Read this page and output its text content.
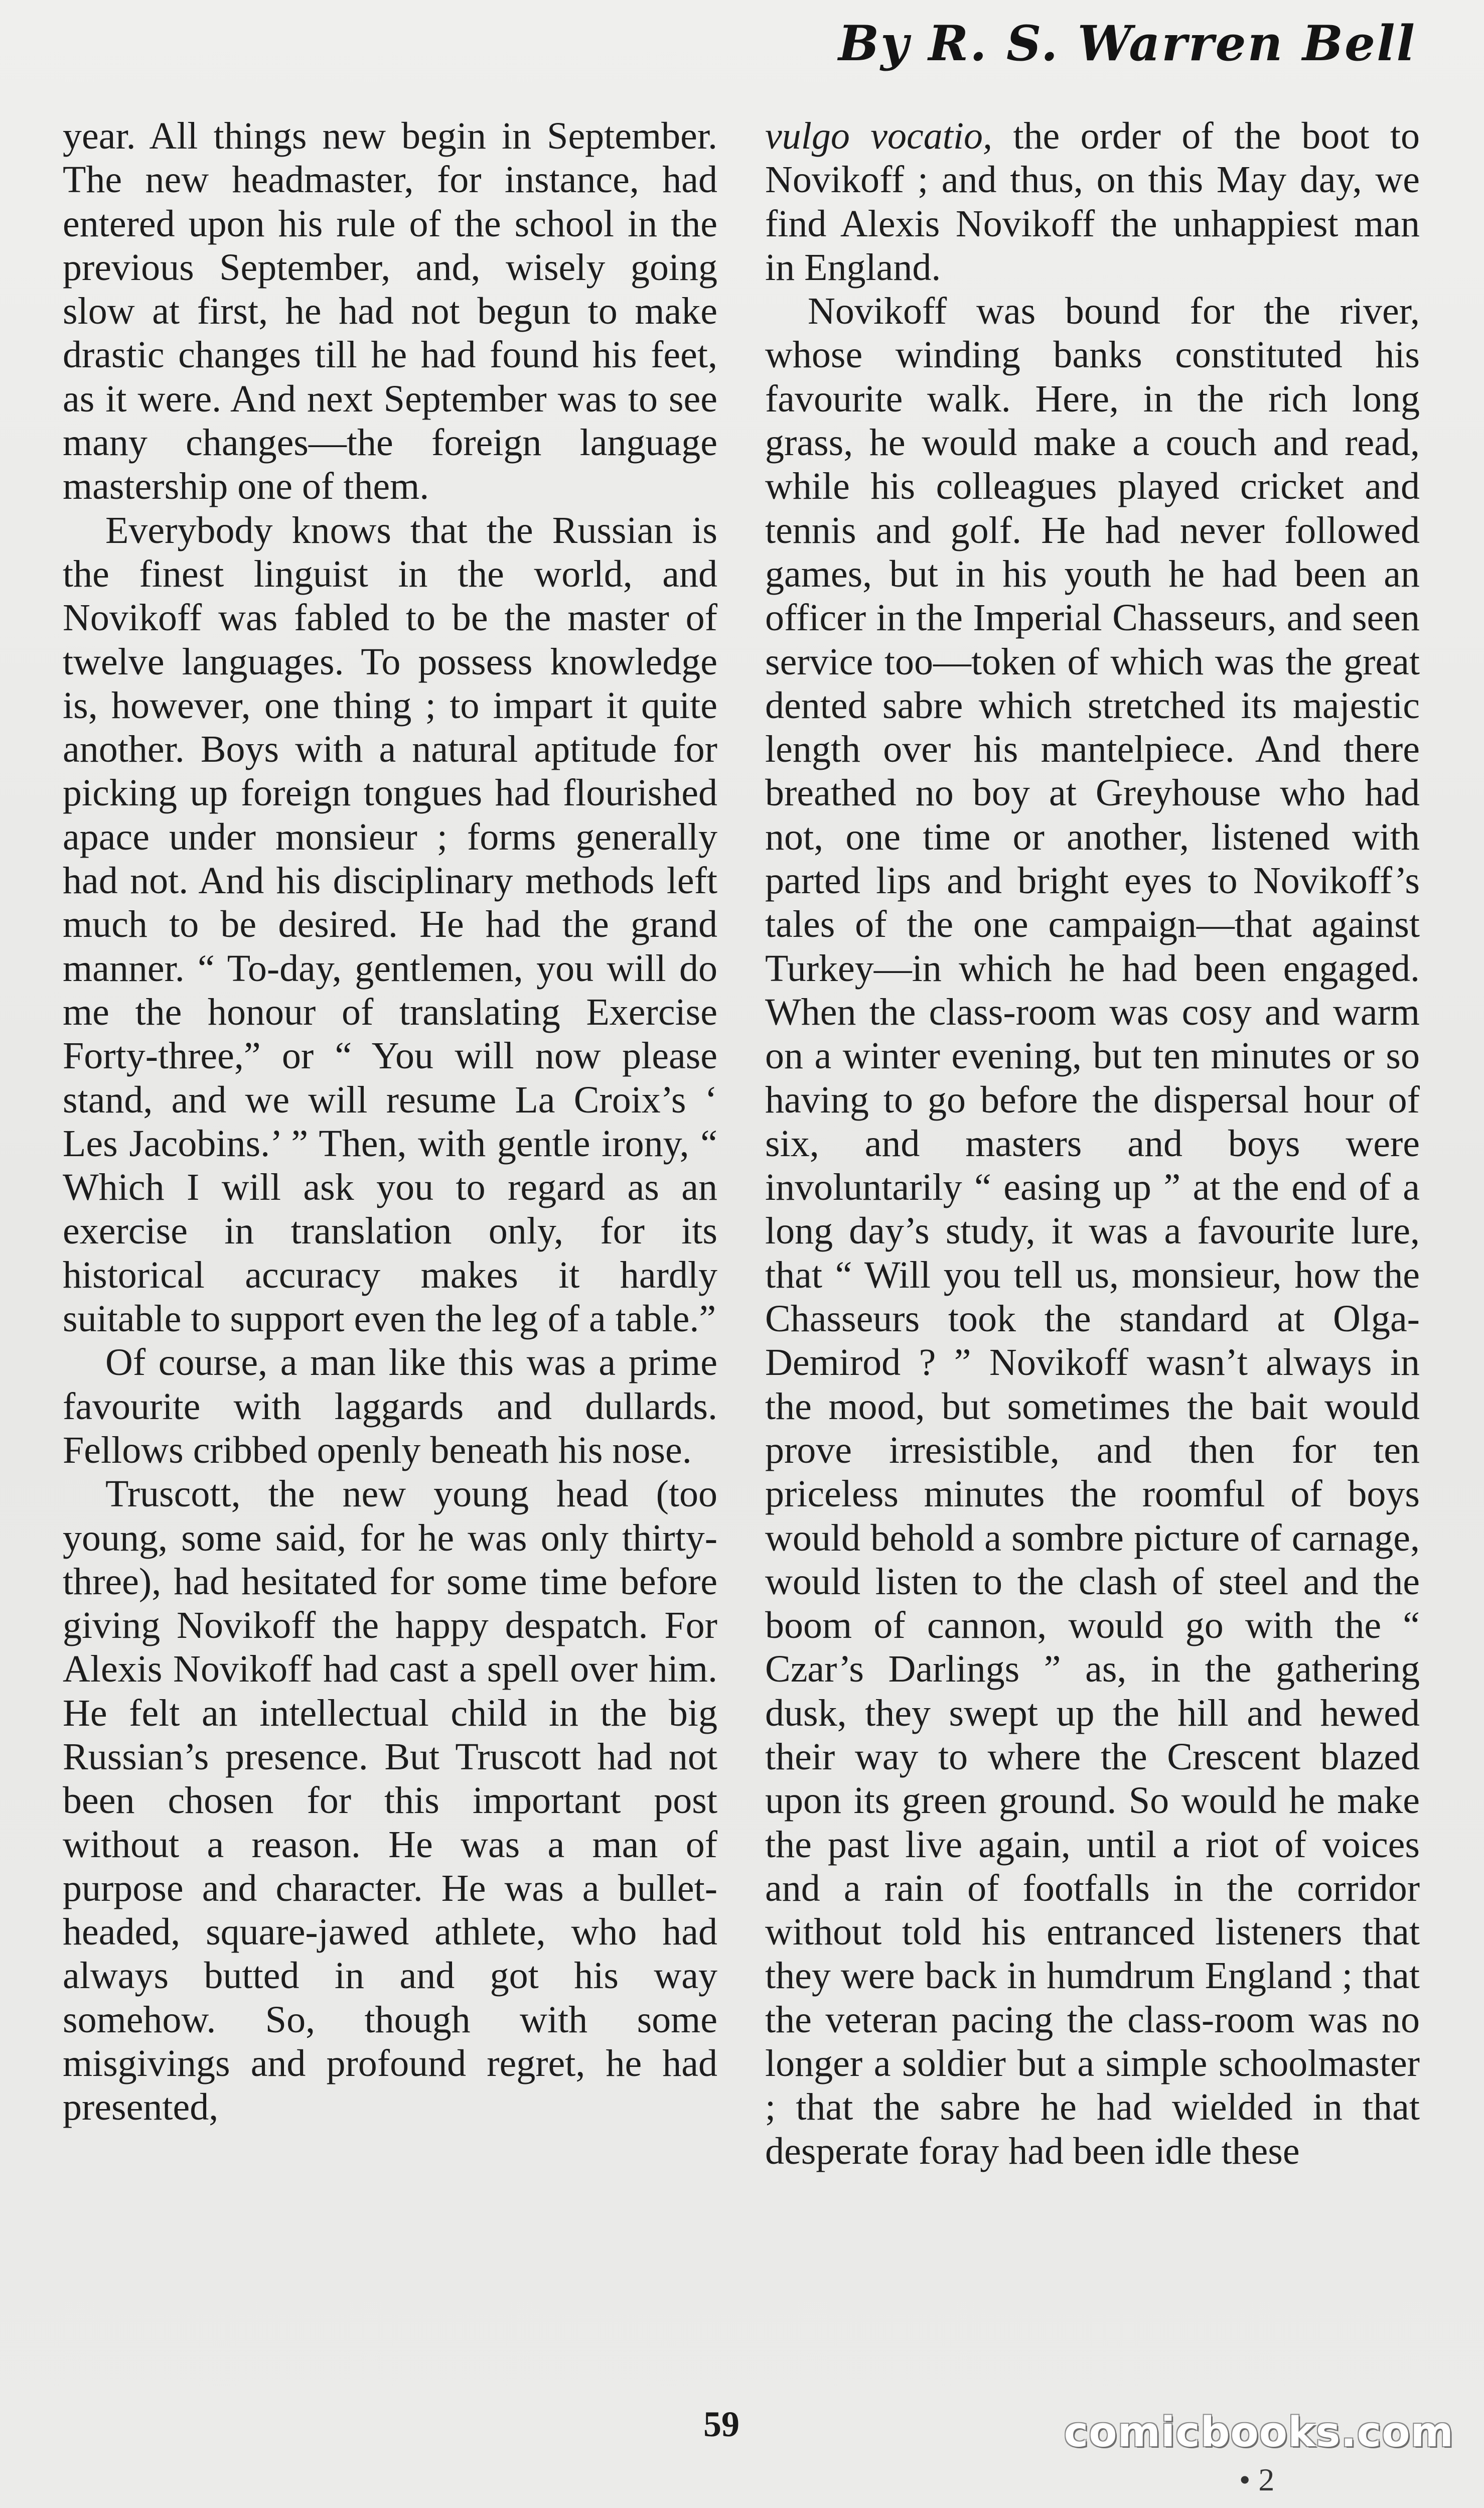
By R. S. Warren Bell

year. All things new begin in September. The new headmaster, for instance, had entered upon his rule of the school in the previous September, and, wisely going slow at first, he had not begun to make drastic changes till he had found his feet, as it were. And next September was to see many changes—the foreign language mastership one of them.

Everybody knows that the Russian is the finest linguist in the world, and Novikoff was fabled to be the master of twelve languages. To possess knowledge is, however, one thing ; to impart it quite another. Boys with a natural aptitude for picking up foreign tongues had flourished apace under monsieur ; forms generally had not. And his disciplinary methods left much to be desired. He had the grand manner. “ To-day, gentlemen, you will do me the honour of translating Exercise Forty-three,” or “ You will now please stand, and we will resume La Croix’s ‘ Les Jacobins.’ ” Then, with gentle irony, “ Which I will ask you to regard as an exercise in translation only, for its historical accuracy makes it hardly suitable to support even the leg of a table.”

Of course, a man like this was a prime favourite with laggards and dullards. Fellows cribbed openly beneath his nose.

Truscott, the new young head (too young, some said, for he was only thirty-three), had hesitated for some time before giving Novikoff the happy despatch. For Alexis Novikoff had cast a spell over him. He felt an intellectual child in the big Russian’s presence. But Truscott had not been chosen for this important post without a reason. He was a man of purpose and character. He was a bullet-headed, square-jawed athlete, who had always butted in and got his way somehow. So, though with some misgivings and profound regret, he had presented,

vulgo vocatio, the order of the boot to Novikoff ; and thus, on this May day, we find Alexis Novikoff the unhappiest man in England.

Novikoff was bound for the river, whose winding banks constituted his favourite walk. Here, in the rich long grass, he would make a couch and read, while his colleagues played cricket and tennis and golf. He had never followed games, but in his youth he had been an officer in the Imperial Chasseurs, and seen service too—token of which was the great dented sabre which stretched its majestic length over his mantelpiece. And there breathed no boy at Greyhouse who had not, one time or another, listened with parted lips and bright eyes to Novikoff’s tales of the one campaign—that against Turkey—in which he had been engaged. When the class-room was cosy and warm on a winter evening, but ten minutes or so having to go before the dispersal hour of six, and masters and boys were involuntarily “ easing up ” at the end of a long day’s study, it was a favourite lure, that “ Will you tell us, monsieur, how the Chasseurs took the standard at Olga-Demirod ? ” Novikoff wasn’t always in the mood, but sometimes the bait would prove irresistible, and then for ten priceless minutes the roomful of boys would behold a sombre picture of carnage, would listen to the clash of steel and the boom of cannon, would go with the “ Czar’s Darlings ” as, in the gathering dusk, they swept up the hill and hewed their way to where the Crescent blazed upon its green ground. So would he make the past live again, until a riot of voices and a rain of footfalls in the corridor without told his entranced listeners that they were back in humdrum England ; that the veteran pacing the class-room was no longer a soldier but a simple schoolmaster ; that the sabre he had wielded in that desperate foray had been idle these

59
• 2
comicbooks.com
